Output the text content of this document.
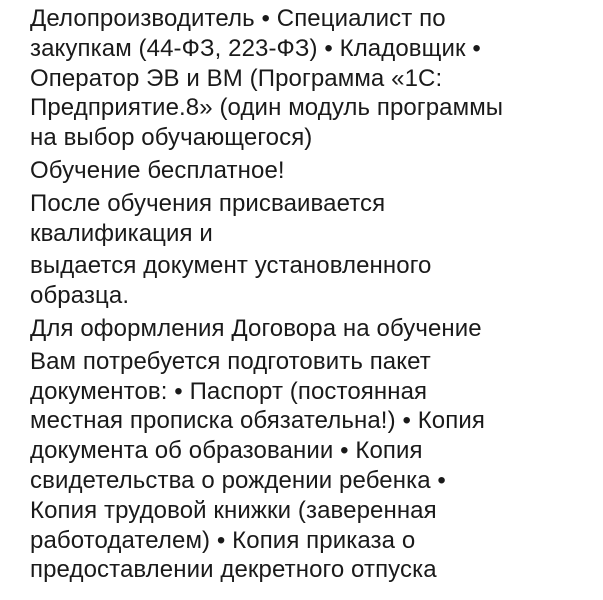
Делопроизводитель • Специалист по
закупкам (44-ФЗ, 223-ФЗ) • Кладовщик •
Оператор ЭВ и ВМ (Программа «1С:
Предприятие.8» (один модуль программы
на выбор обучающегося)

Обучение бесплатное!

После обучения присваивается
квалификация и

выдается документ установленного
образца.

Для оформления Договора на обучение

Вам потребуется подготовить пакет
документов: • Паспорт (постоянная
местная прописка обязательна!) • Копия
документа об образовании • Копия
свидетельства о рождении ребенка •
Копия трудовой книжки (заверенная
работодателем) • Копия приказа о
предоставлении декретного отпуска
